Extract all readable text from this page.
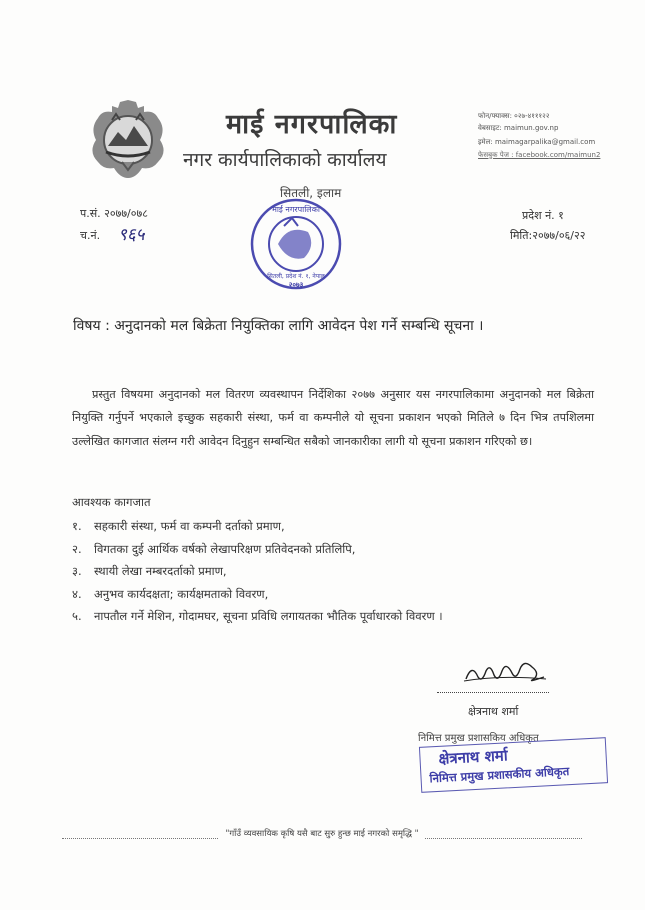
माई नगरपालिका
नगर कार्यपालिकाको कार्यालय
सितली, इलाम
फोन/फ्याक्स: ०२७-४१११२२
वेबसाइट: maimun.gov.np
इमेल: maimagarpalika@gmail.com
फेसबुक पेज : facebook.com/maimun2
प.सं. २०७७/०७८
च.नं. ९६५
प्रदेश नं. १
मिति:२०७७/०६/२२
माई नगरपालिका
सितली, प्रदेश नं. १, नेपाल
२०७३
विषय : अनुदानको मल बिक्रेता नियुक्तिका लागि आवेदन पेश गर्ने सम्बन्धि सूचना ।
प्रस्तुत विषयमा अनुदानको मल वितरण व्यवस्थापन निर्देशिका २०७७ अनुसार यस नगरपालिकामा अनुदानको मल बिक्रेता नियुक्ति गर्नुपर्ने भएकाले इच्छुक सहकारी संस्था, फर्म वा कम्पनीले यो सूचना प्रकाशन भएको मितिले ७ दिन भित्र तपशिलमा उल्लेखित कागजात संलग्न गरी आवेदन दिनुहुन सम्बन्धित सबैको जानकारीका लागी यो सूचना प्रकाशन गरिएको छ।
आवश्यक कागजात
१. सहकारी संस्था, फर्म वा कम्पनी दर्ताको प्रमाण,
२. विगतका दुई आर्थिक वर्षको लेखापरिक्षण प्रतिवेदनको प्रतिलिपि,
३. स्थायी लेखा नम्बरदर्ताको प्रमाण,
४. अनुभव कार्यदक्षता; कार्यक्षमताको विवरण,
५. नापतौल गर्ने मेशिन, गोदामघर, सूचना प्रविधि लगायतका भौतिक पूर्वाधारको विवरण ।
क्षेत्रनाथ शर्मा
निमित्त प्रमुख प्रशासकिय अधिकृत
क्षेत्रनाथ शर्मा
निमित्त प्रमुख प्रशासकीय अधिकृत
"गाँउँ व्यवसायिक कृषि यसै बाट सुरु हुन्छ माई नगरको समृद्धि "
